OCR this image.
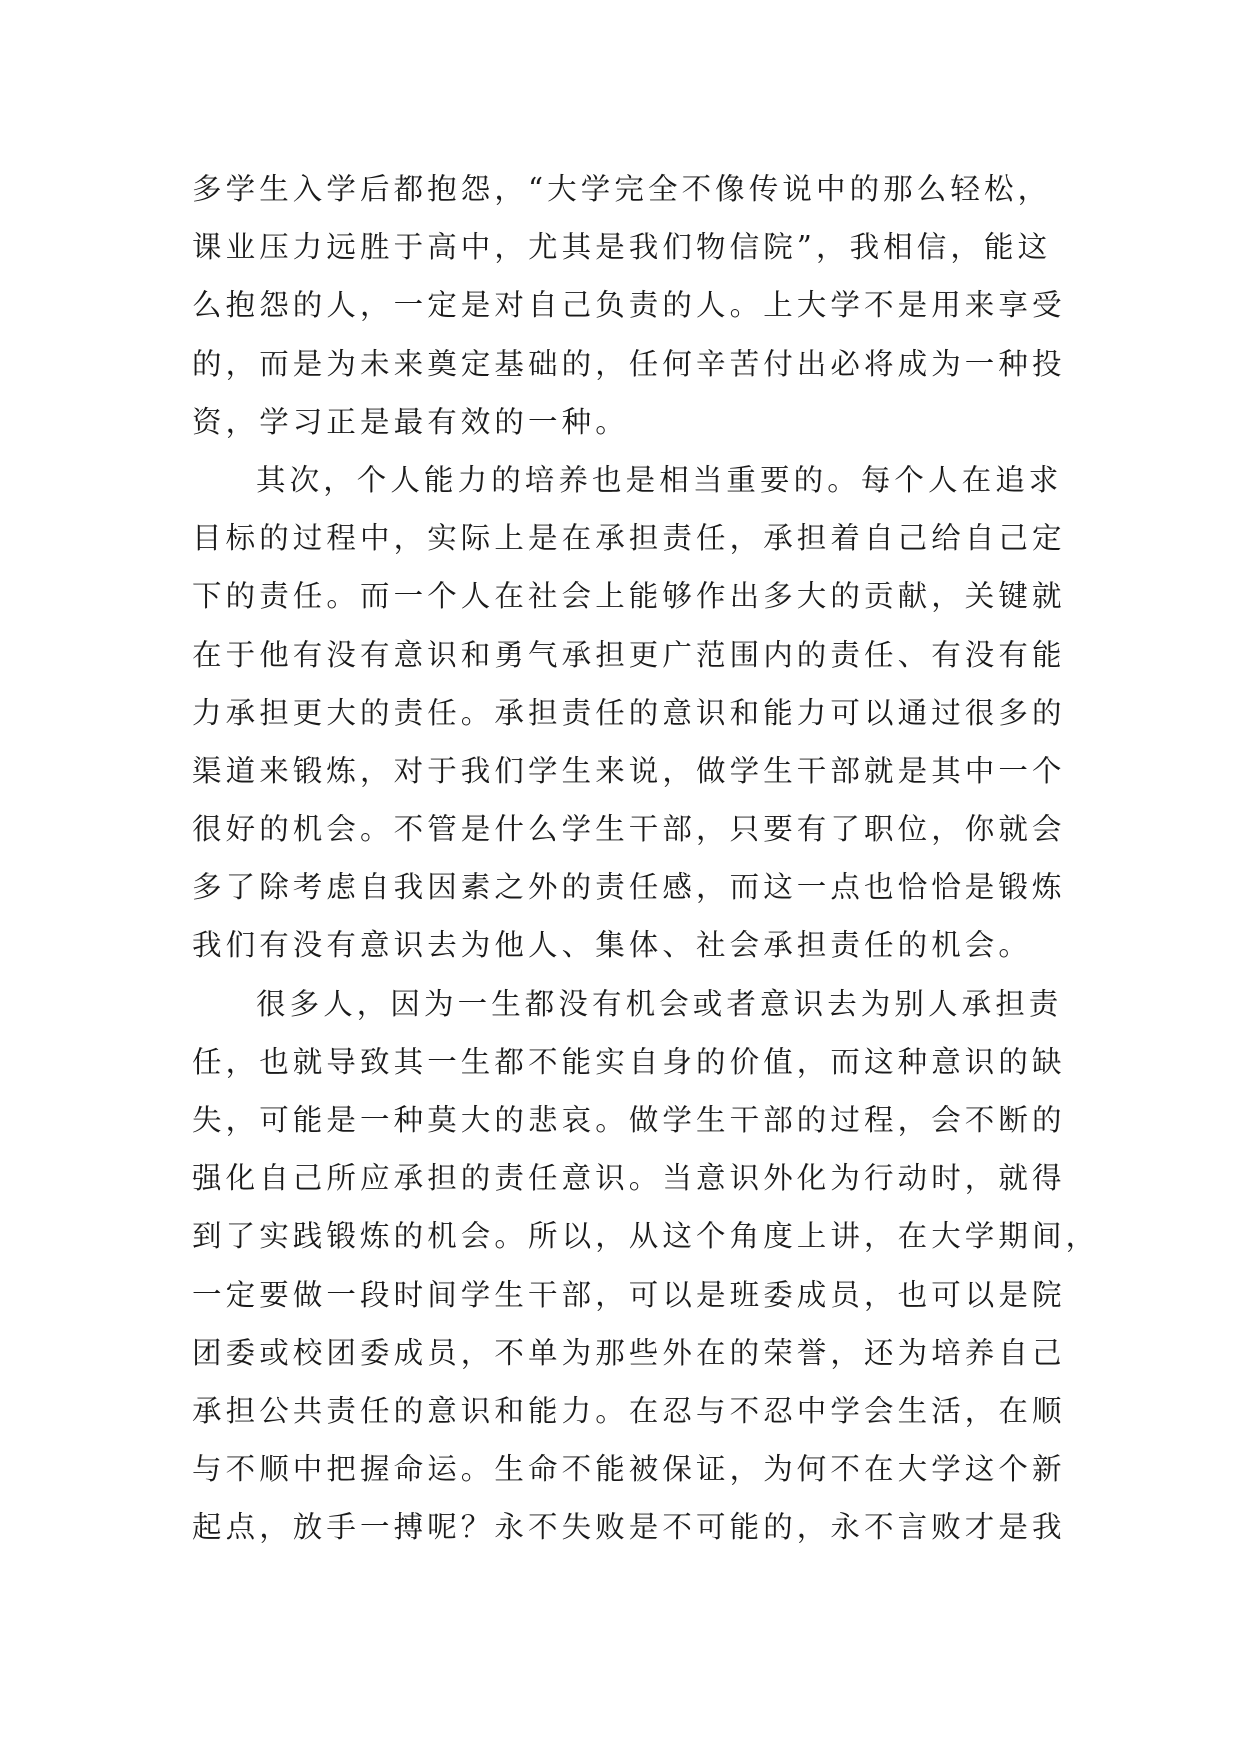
多学生入学后都抱怨，“大学完全不像传说中的那么轻松，
课业压力远胜于高中，尤其是我们物信院”，我相信，能这
么抱怨的人，一定是对自己负责的人。上大学不是用来享受
的，而是为未来奠定基础的，任何辛苦付出必将成为一种投
资，学习正是最有效的一种。
其次，个人能力的培养也是相当重要的。每个人在追求
目标的过程中，实际上是在承担责任，承担着自己给自己定
下的责任。而一个人在社会上能够作出多大的贡献，关键就
在于他有没有意识和勇气承担更广范围内的责任、有没有能
力承担更大的责任。承担责任的意识和能力可以通过很多的
渠道来锻炼，对于我们学生来说，做学生干部就是其中一个
很好的机会。不管是什么学生干部，只要有了职位，你就会
多了除考虑自我因素之外的责任感，而这一点也恰恰是锻炼
我们有没有意识去为他人、集体、社会承担责任的机会。
很多人，因为一生都没有机会或者意识去为别人承担责
任，也就导致其一生都不能实自身的价值，而这种意识的缺
失，可能是一种莫大的悲哀。做学生干部的过程，会不断的
强化自己所应承担的责任意识。当意识外化为行动时，就得
到了实践锻炼的机会。所以，从这个角度上讲，在大学期间，
一定要做一段时间学生干部，可以是班委成员，也可以是院
团委或校团委成员，不单为那些外在的荣誉，还为培养自己
承担公共责任的意识和能力。在忍与不忍中学会生活，在顺
与不顺中把握命运。生命不能被保证，为何不在大学这个新
起点，放手一搏呢？永不失败是不可能的，永不言败才是我
